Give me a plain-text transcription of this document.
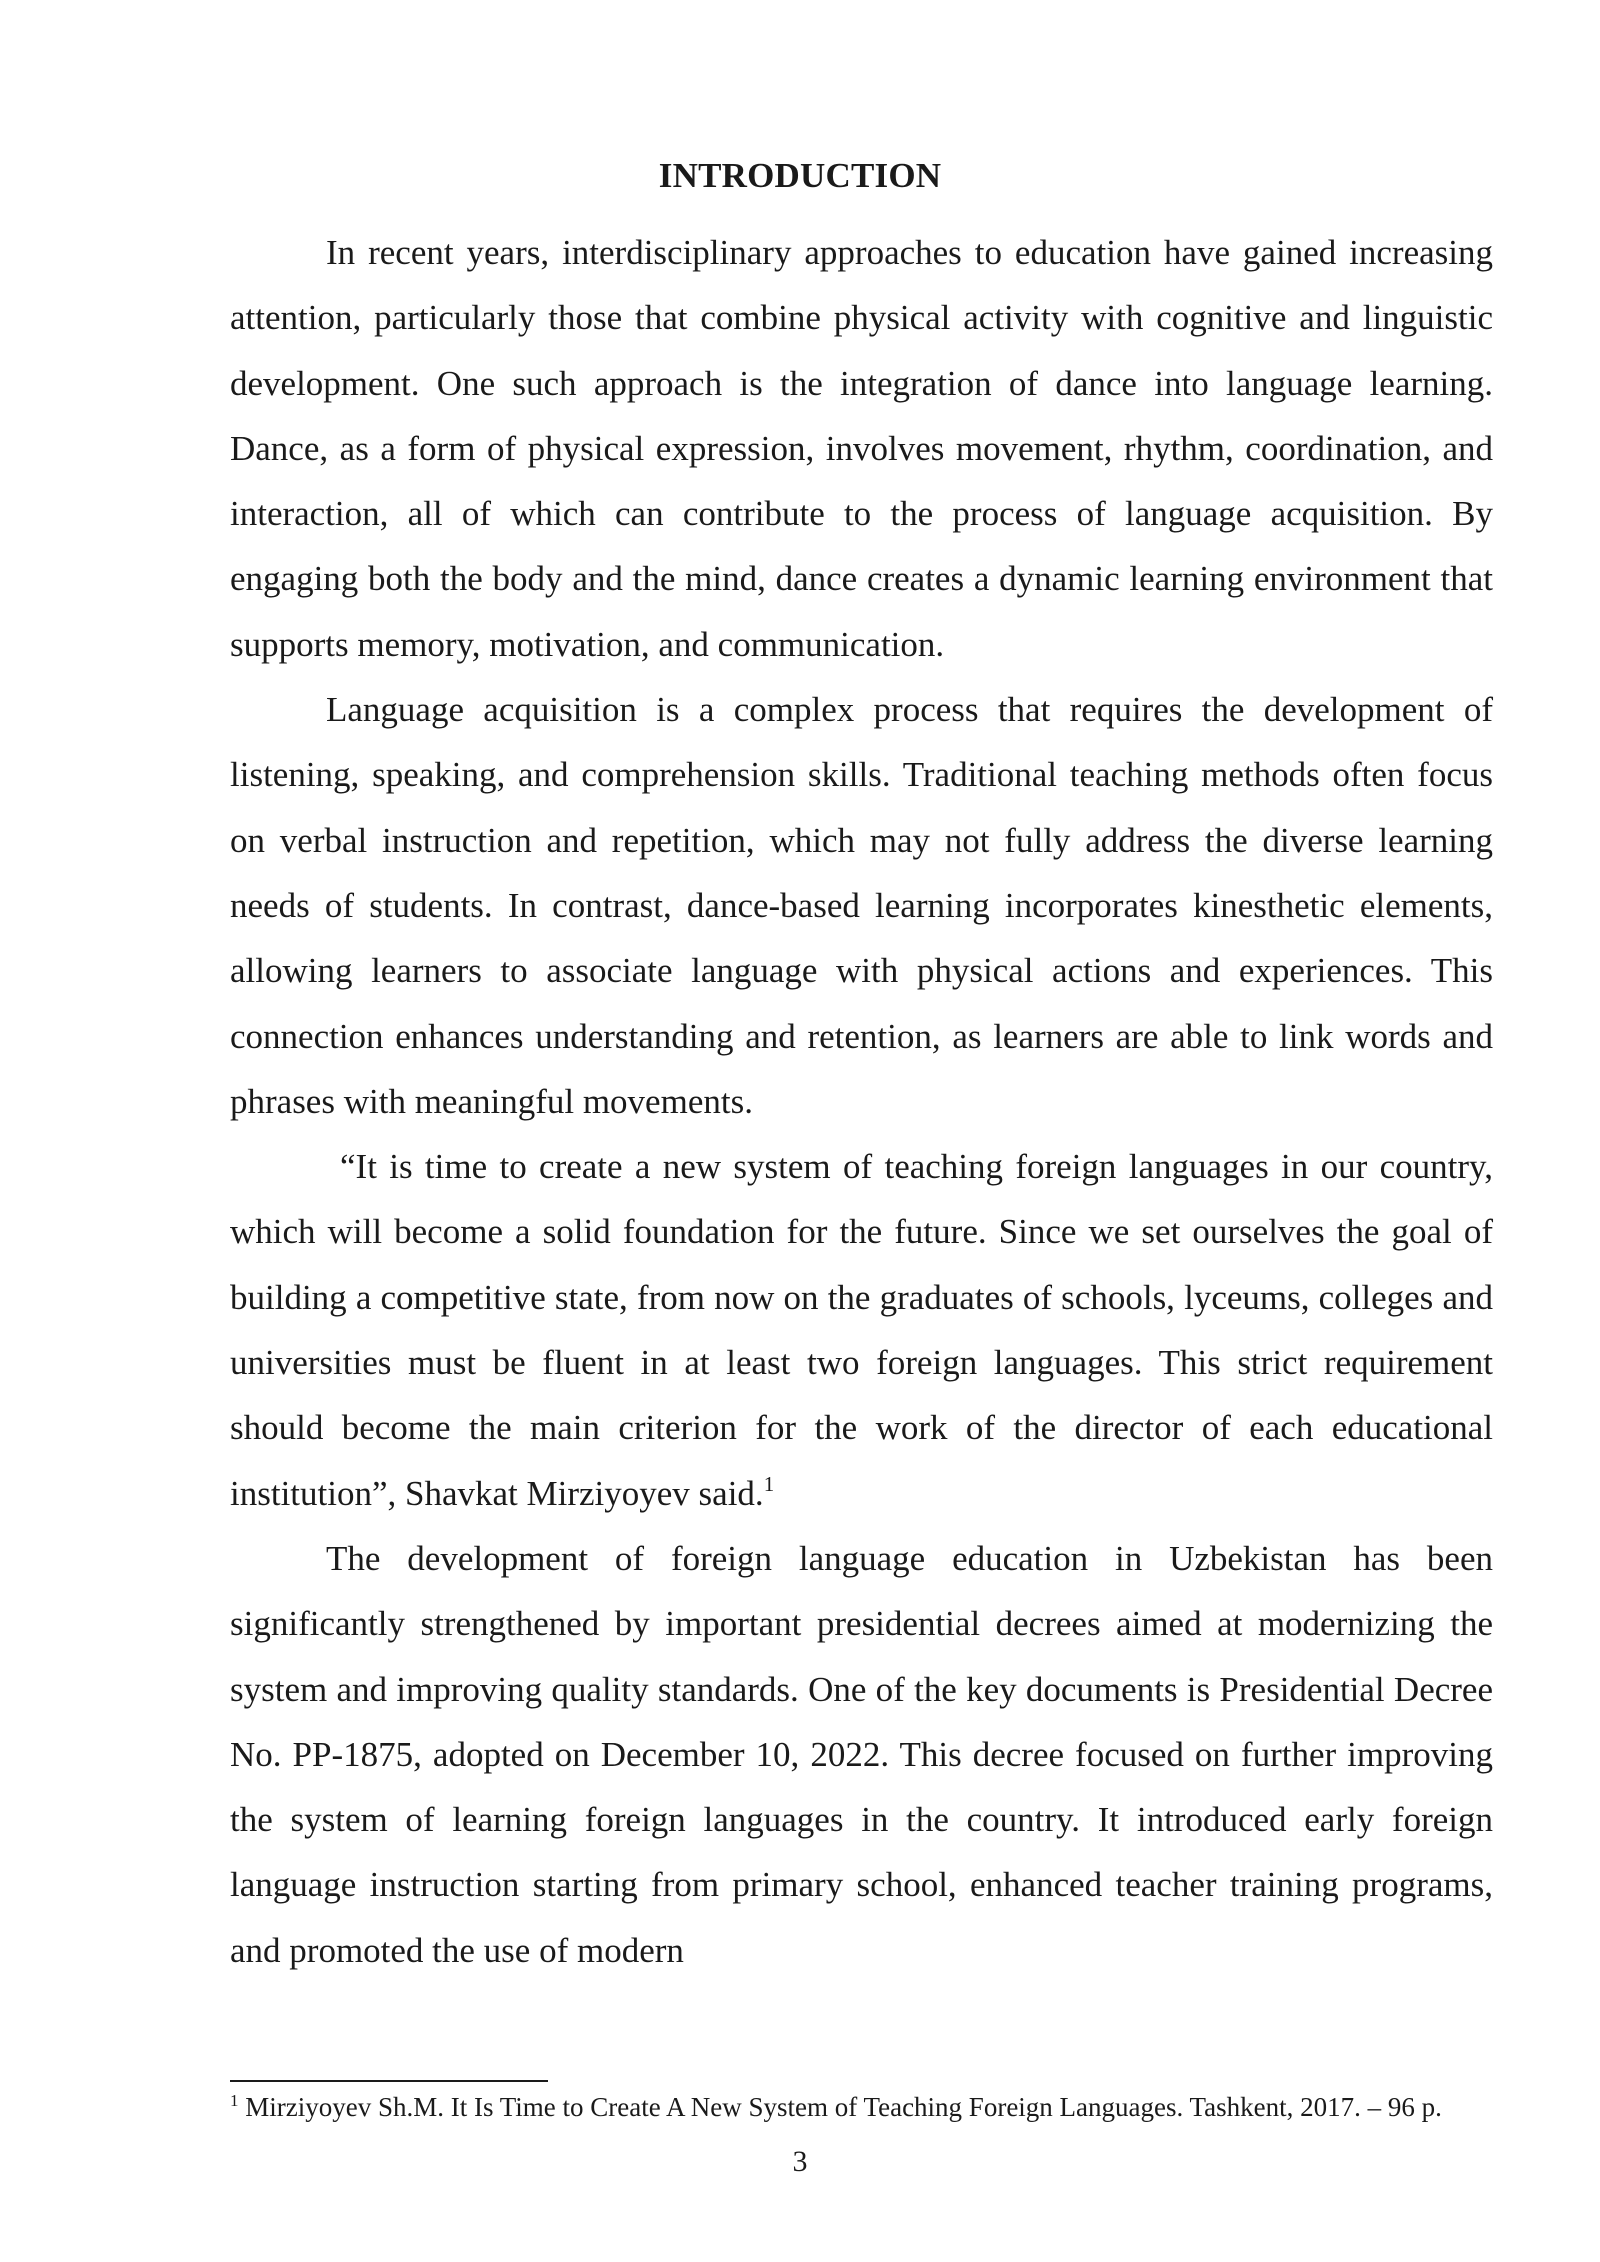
INTRODUCTION

In recent years, interdisciplinary approaches to education have gained increasing attention, particularly those that combine physical activity with cognitive and linguistic development. One such approach is the integration of dance into language learning. Dance, as a form of physical expression, involves movement, rhythm, coordination, and interaction, all of which can contribute to the process of language acquisition. By engaging both the body and the mind, dance creates a dynamic learning environment that supports memory, motivation, and communication.

Language acquisition is a complex process that requires the development of listening, speaking, and comprehension skills. Traditional teaching methods often focus on verbal instruction and repetition, which may not fully address the diverse learning needs of students. In contrast, dance-based learning incorporates kinesthetic elements, allowing learners to associate language with physical actions and experiences. This connection enhances understanding and retention, as learners are able to link words and phrases with meaningful movements.

“It is time to create a new system of teaching foreign languages in our country, which will become a solid foundation for the future. Since we set ourselves the goal of building a competitive state, from now on the graduates of schools, lyceums, colleges and universities must be fluent in at least two foreign languages. This strict requirement should become the main criterion for the work of the director of each educational institution”, Shavkat Mirziyoyev said.$^1$

The development of foreign language education in Uzbekistan has been significantly strengthened by important presidential decrees aimed at modernizing the system and improving quality standards. One of the key documents is Presidential Decree No. PP-1875, adopted on December 10, 2022. This decree focused on further improving the system of learning foreign languages in the country. It introduced early foreign language instruction starting from primary school, enhanced teacher training programs, and promoted the use of modern

$^1$ Mirziyoyev Sh.M. It Is Time to Create A New System of Teaching Foreign Languages. Tashkent, 2017. – 96 p.
3
